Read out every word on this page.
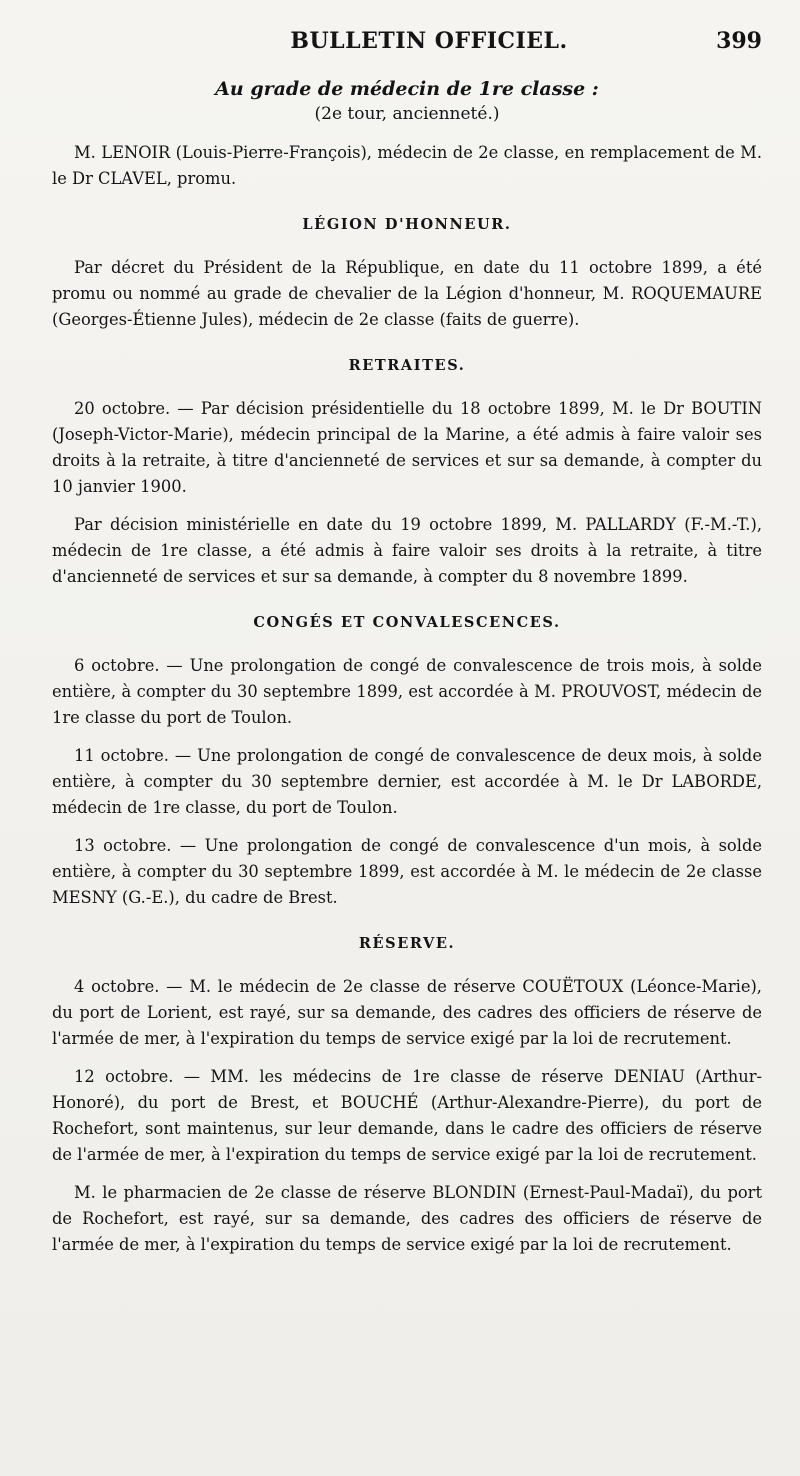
BULLETIN OFFICIEL.	399
Au grade de médecin de 1re classe :
(2e tour, ancienneté.)

M. LENOIR (Louis-Pierre-François), médecin de 2e classe, en remplacement de M. le Dr CLAVEL, promu.

LÉGION D'HONNEUR.

Par décret du Président de la République, en date du 11 octobre 1899, a été promu ou nommé au grade de chevalier de la Légion d'honneur, M. ROQUEMAURE (Georges-Étienne Jules), médecin de 2e classe (faits de guerre).

RETRAITES.

20 octobre. — Par décision présidentielle du 18 octobre 1899, M. le Dr BOUTIN (Joseph-Victor-Marie), médecin principal de la Marine, a été admis à faire valoir ses droits à la retraite, à titre d'ancienneté de services et sur sa demande, à compter du 10 janvier 1900.

Par décision ministérielle en date du 19 octobre 1899, M. PALLARDY (F.-M.-T.), médecin de 1re classe, a été admis à faire valoir ses droits à la retraite, à titre d'ancienneté de services et sur sa demande, à compter du 8 novembre 1899.

CONGÉS ET CONVALESCENCES.

6 octobre. — Une prolongation de congé de convalescence de trois mois, à solde entière, à compter du 30 septembre 1899, est accordée à M. PROUVOST, médecin de 1re classe du port de Toulon.

11 octobre. — Une prolongation de congé de convalescence de deux mois, à solde entière, à compter du 30 septembre dernier, est accordée à M. le Dr LABORDE, médecin de 1re classe, du port de Toulon.

13 octobre. — Une prolongation de congé de convalescence d'un mois, à solde entière, à compter du 30 septembre 1899, est accordée à M. le médecin de 2e classe MESNY (G.-E.), du cadre de Brest.

RÉSERVE.

4 octobre. — M. le médecin de 2e classe de réserve COUËTOUX (Léonce-Marie), du port de Lorient, est rayé, sur sa demande, des cadres des officiers de réserve de l'armée de mer, à l'expiration du temps de service exigé par la loi de recrutement.

12 octobre. — MM. les médecins de 1re classe de réserve DENIAU (Arthur-Honoré), du port de Brest, et BOUCHÉ (Arthur-Alexandre-Pierre), du port de Rochefort, sont maintenus, sur leur demande, dans le cadre des officiers de réserve de l'armée de mer, à l'expiration du temps de service exigé par la loi de recrutement.

M. le pharmacien de 2e classe de réserve BLONDIN (Ernest-Paul-Madaï), du port de Rochefort, est rayé, sur sa demande, des cadres des officiers de réserve de l'armée de mer, à l'expiration du temps de service exigé par la loi de recrutement.
